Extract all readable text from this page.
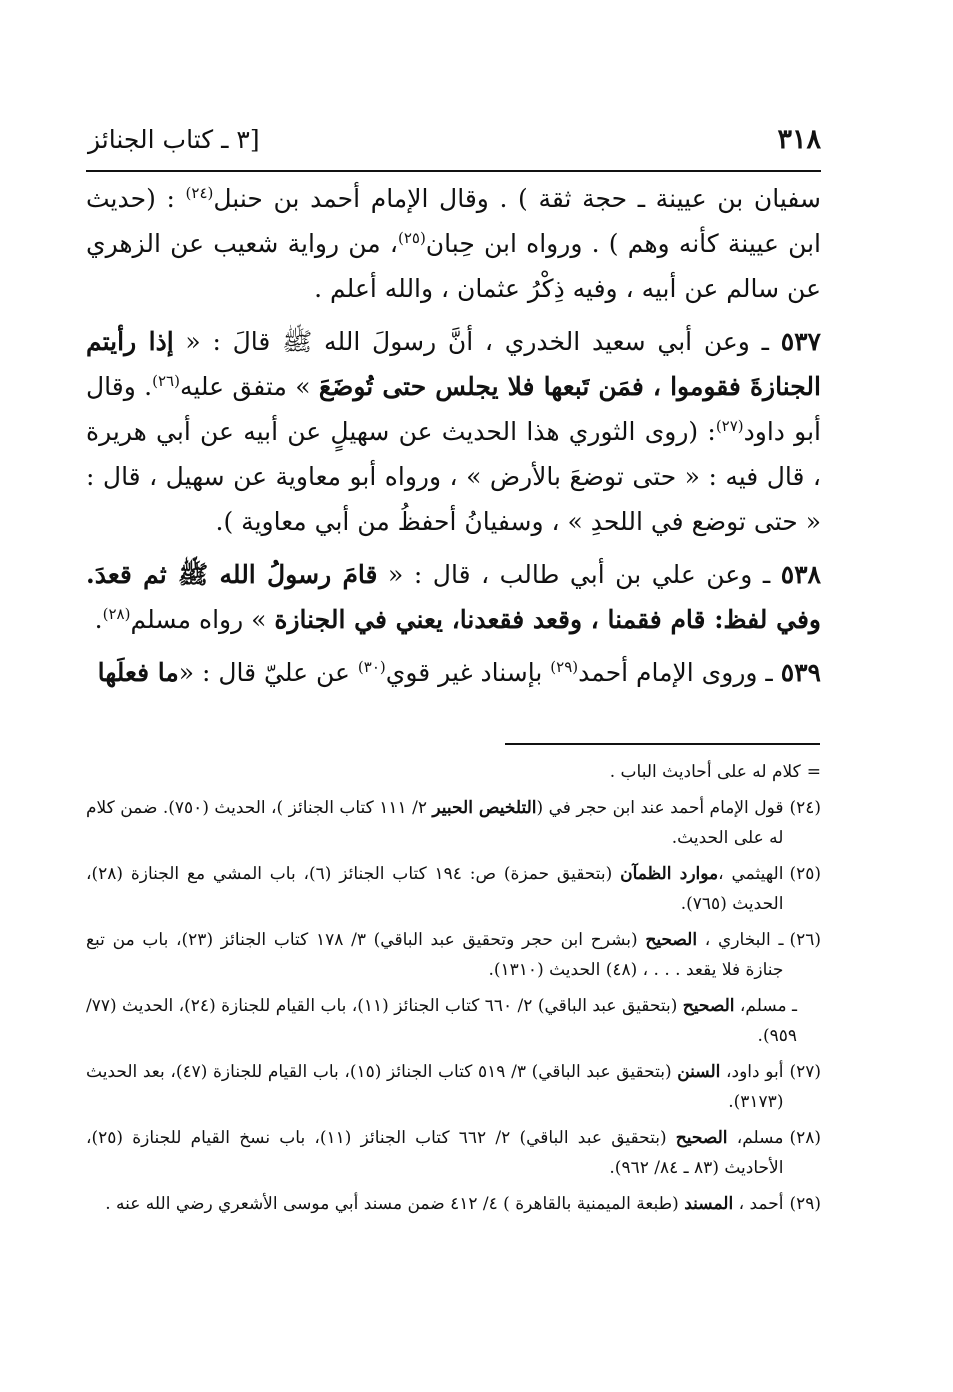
٣١٨
[٣ ـ كتاب الجنائز

سفيان بن عيينة ـ حجة ثقة ) . وقال الإمام أحمد بن حنبل$^{(٢٤)}$ : (حديث ابن عيينة كأنه وهم ) . ورواه ابن حِبان$^{(٢٥)}$، من رواية شعيب عن الزهري عن سالم عن أبيه ، وفيه ذِكْرُ عثمان ، والله أعلم .

٥٣٧ ـ وعن أبي سعيد الخدري ، أنَّ رسولَ الله ﷺ قالَ : « إذا رأيتم الجنازةَ فقوموا ، فمَن تَبعها فلا يجلس حتى تُوضَعَ » متفق عليه$^{(٢٦)}$. وقال أبو داود$^{(٢٧)}$: (روى الثوري هذا الحديث عن سهيلٍ عن أبيه عن أبي هريرة ، قال فيه : « حتى توضعَ بالأرض » ، ورواه أبو معاوية عن سهيل ، قال : « حتى توضع في اللحدِ » ، وسفيانُ أحفظُ من أبي معاوية ).

٥٣٨ ـ وعن علي بن أبي طالب ، قال : « قامَ رسولُ الله ﷺ ثم قعدَ. وفي لفظ: قام فقمنا ، وقعد فقعدنا، يعني في الجنازة » رواه مسلم$^{(٢٨)}$.

٥٣٩ ـ وروى الإمام أحمد$^{(٢٩)}$ بإسناد غير قوي$^{(٣٠)}$ عن عليّ قال : «ما فعلَها

=
كلام له على أحاديث الباب .
(٢٤)
قول الإمام أحمد عند ابن حجر في (التلخيص الحبير ٢/ ١١١ كتاب الجنائز )، الحديث (٧٥٠). ضمن كلام له على الحديث.
(٢٥)
الهيثمي ،موارد الظمآن (بتحقيق حمزة) ص: ١٩٤ كتاب الجنائز (٦)، باب المشي مع الجنازة (٢٨)، الحديث (٧٦٥).
(٢٦)
ـ البخاري ، الصحيح (بشرح ابن حجر وتحقيق عبد الباقي) ٣/ ١٧٨ كتاب الجنائز (٢٣)، باب من تبع جنازة فلا يقعد . . . ، (٤٨) الحديث (١٣١٠).
ـ مسلم، الصحيح (بتحقيق عبد الباقي) ٢/ ٦٦٠ كتاب الجنائز (١١)، باب القيام للجنازة (٢٤)، الحديث (٧٧/ ٩٥٩).
(٢٧)
أبو داود، السنن (بتحقيق عبد الباقي) ٣/ ٥١٩ كتاب الجنائز (١٥)، باب القيام للجنازة (٤٧)، بعد الحديث (٣١٧٣).
(٢٨)
مسلم، الصحيح (بتحقيق عبد الباقي) ٢/ ٦٦٢ كتاب الجنائز (١١)، باب نسخ القيام للجنازة (٢٥)، الأحاديث (٨٣ ـ ٨٤/ ٩٦٢).
(٢٩)
أحمد ، المسند (طبعة الميمنية بالقاهرة ) ٤/ ٤١٢ ضمن مسند أبي موسى الأشعري رضي الله عنه .
